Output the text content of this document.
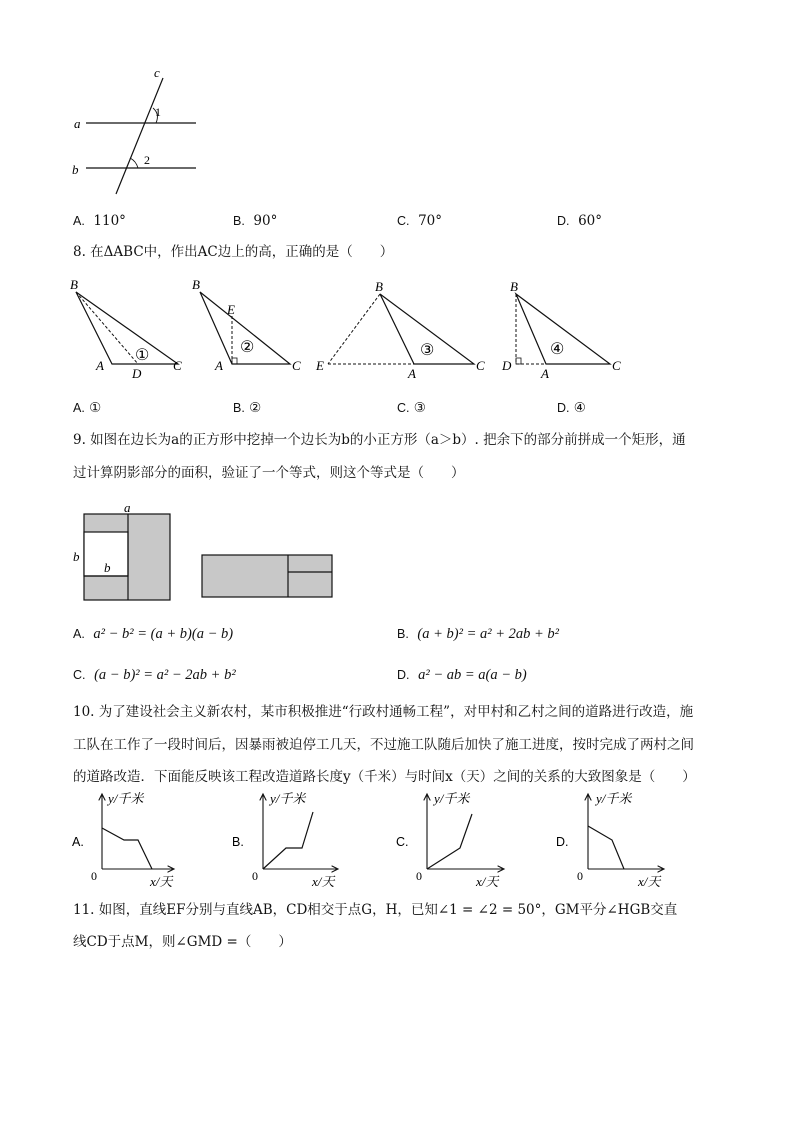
c
a
b
1
2
A. 110°	B. 90°	C. 70°	D. 60°
8. 在ΔABC中，作出AC边上的高，正确的是（　　）
B
A
D
C
①
B
E
A	C
②
B
E
A
C
③
B
D
A
C
④
A. ①	B. ②	C. ③	D. ④
9. 如图在边长为a的正方形中挖掉一个边长为b的小正方形（a＞b）. 把余下的部分前拼成一个矩形，通
过计算阴影部分的面积，验证了一个等式，则这个等式是（　　）
a
b
b
A. a² − b² = (a + b)(a − b)	B. (a + b)² = a² + 2ab + b²
C. (a − b)² = a² − 2ab + b²	D. a² − ab = a(a − b)
10. 为了建设社会主义新农村，某市积极推进“行政村通畅工程”，对甲村和乙村之间的道路进行改造，施
工队在工作了一段时间后，因暴雨被迫停工几天，不过施工队随后加快了施工进度，按时完成了两村之间
的道路改造．下面能反映该工程改造道路长度y（千米）与时间x（天）之间的关系的大致图象是（　　）
A.
y/千米
x/天
0
B.
y/千米
x/天
0
C.
y/千米
x/天
0
D.
y/千米
x/天
0
11. 如图，直线EF分别与直线AB，CD相交于点G，H，已知∠1 = ∠2 = 50°，GM平分∠HGB交直
线CD于点M，则∠GMD =（　　）
